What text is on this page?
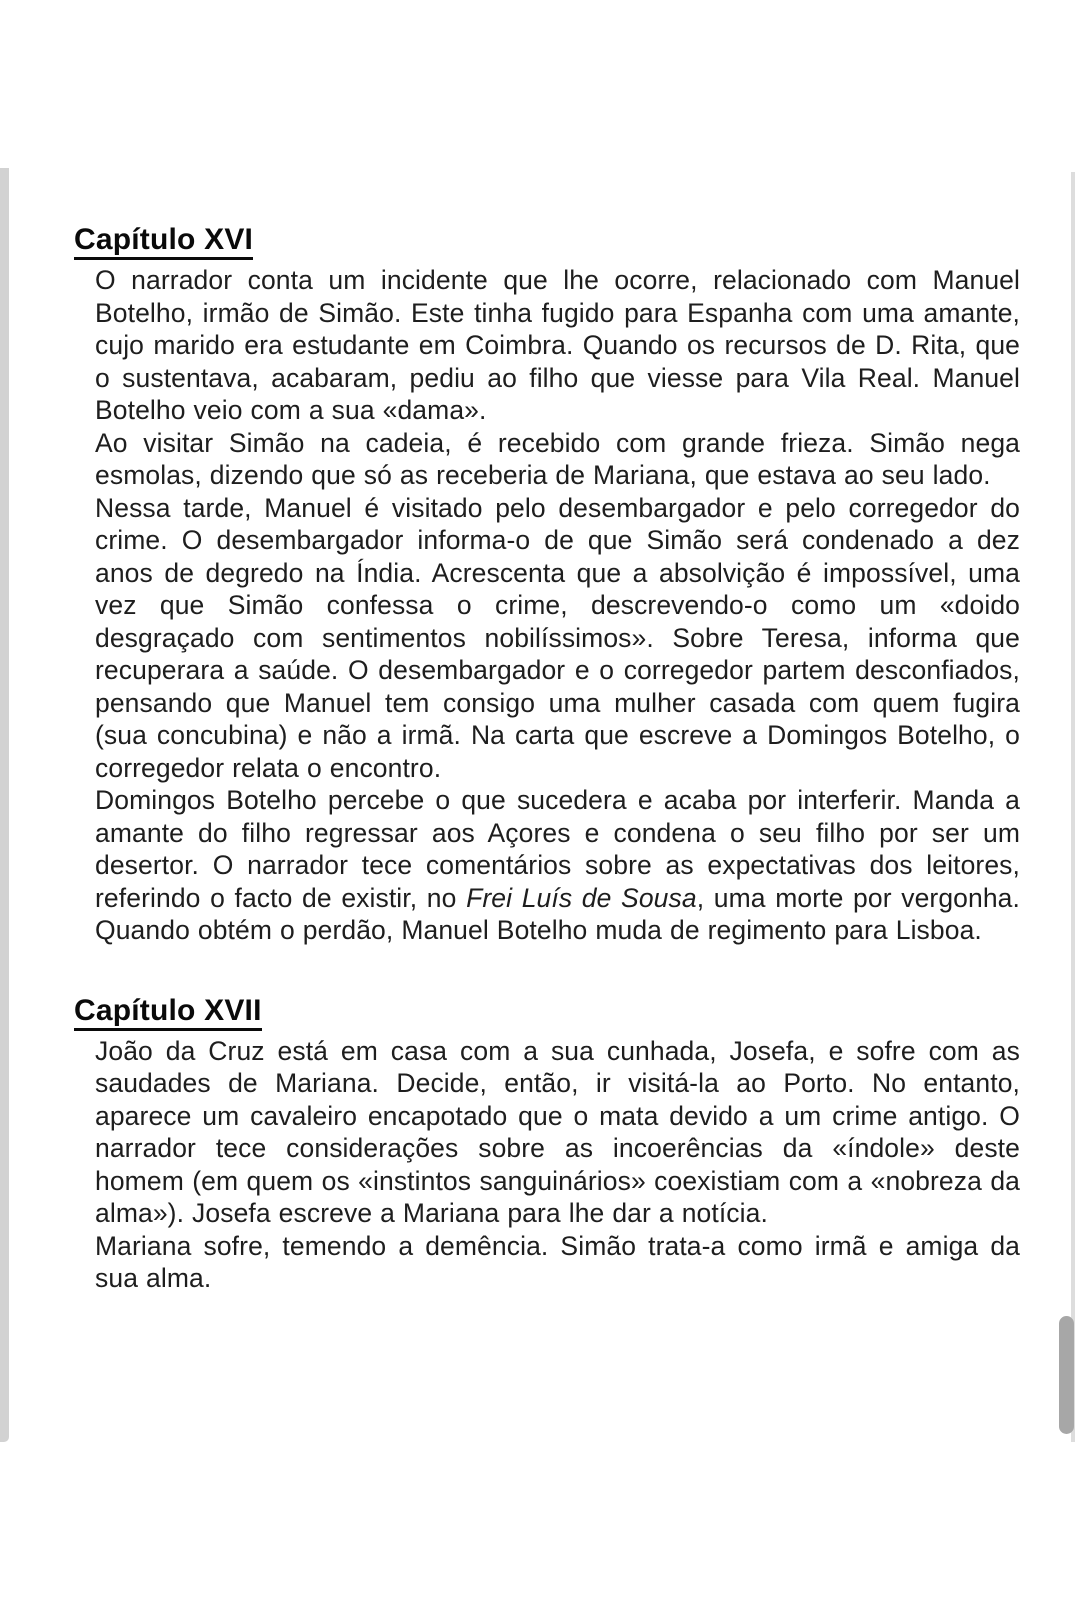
Capítulo XVI

O narrador conta um incidente que lhe ocorre, relacionado com Manuel Botelho, irmão de Simão. Este tinha fugido para Espanha com uma amante, cujo marido era estudante em Coimbra. Quando os recursos de D. Rita, que o sustentava, acabaram, pediu ao filho que viesse para Vila Real. Manuel Botelho veio com a sua «dama».

Ao visitar Simão na cadeia, é recebido com grande frieza. Simão nega esmolas, dizendo que só as receberia de Mariana, que estava ao seu lado.

Nessa tarde, Manuel é visitado pelo desembargador e pelo corregedor do crime. O desembargador informa-o de que Simão será condenado a dez anos de degredo na Índia. Acrescenta que a absolvição é impossível, uma vez que Simão confessa o crime, descrevendo-o como um «doido desgraçado com sentimentos nobilíssimos». Sobre Teresa, informa que recuperara a saúde. O desembargador e o corregedor partem desconfiados, pensando que Manuel tem consigo uma mulher casada com quem fugira (sua concubina) e não a irmã. Na carta que escreve a Domingos Botelho, o corregedor relata o encontro.

Domingos Botelho percebe o que sucedera e acaba por interferir. Manda a amante do filho regressar aos Açores e condena o seu filho por ser um desertor. O narrador tece comentários sobre as expectativas dos leitores, referindo o facto de existir, no Frei Luís de Sousa, uma morte por vergonha. Quando obtém o perdão, Manuel Botelho muda de regimento para Lisboa.

Capítulo XVII

João da Cruz está em casa com a sua cunhada, Josefa, e sofre com as saudades de Mariana. Decide, então, ir visitá-la ao Porto. No entanto, aparece um cavaleiro encapotado que o mata devido a um crime antigo. O narrador tece considerações sobre as incoerências da «índole» deste homem (em quem os «instintos sanguinários» coexistiam com a «nobreza da alma»). Josefa escreve a Mariana para lhe dar a notícia.

Mariana sofre, temendo a demência. Simão trata-a como irmã e amiga da sua alma.
